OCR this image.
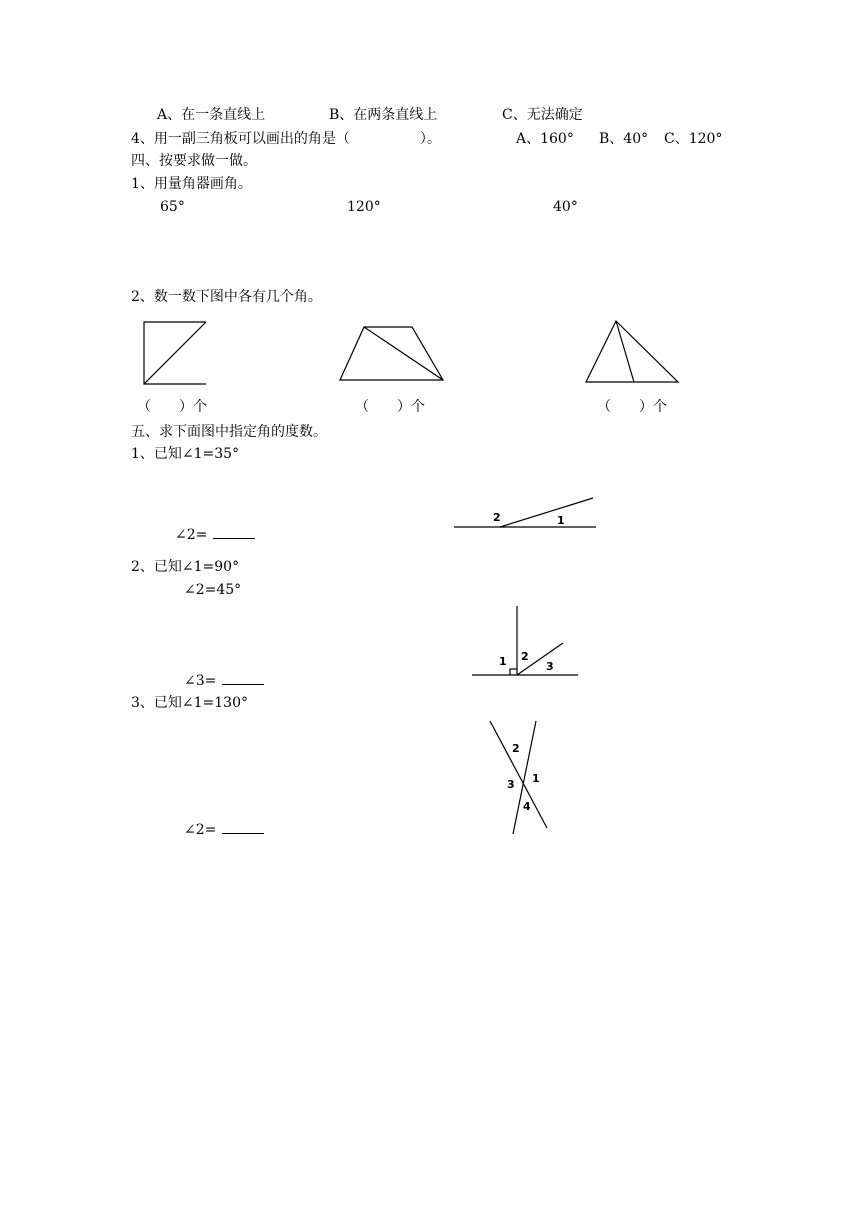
A、在一条直线上	B、在两条直线上	C、无法确定
4、用一副三角板可以画出的角是（　　　　　）。	A、160° B、40° C、120°
四、按要求做一做。
1、用量角器画角。
65°	120°	40°
2、数一数下图中各有几个角。
2	1
1 2
3
2
3 1
4
（　　）个	（　　）个	（　　）个
五、求下面图中指定角的度数。
1、已知∠1=35°
∠2=
2、已知∠1=90°
∠2=45°
∠3=
3、已知∠1=130°
∠2=
